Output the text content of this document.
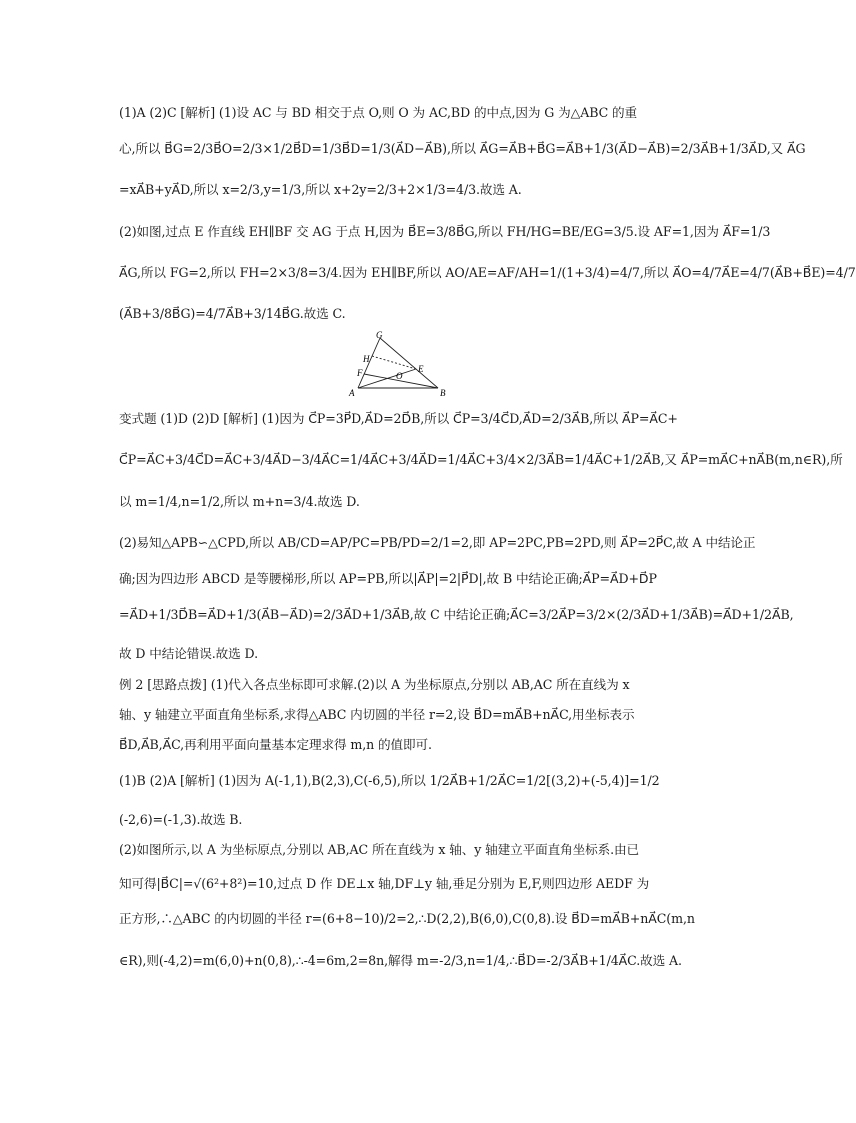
(1)A (2)C [解析] (1)设 AC 与 BD 相交于点 O,则 O 为 AC,BD 的中点,因为 G 为△ABC 的重
心,所以 B⃗G=2/3B⃗O=2/3×1/2B⃗D=1/3B⃗D=1/3(A⃗D−A⃗B),所以 A⃗G=A⃗B+B⃗G=A⃗B+1/3(A⃗D−A⃗B)=2/3A⃗B+1/3A⃗D,又 A⃗G
=xA⃗B+yA⃗D,所以 x=2/3,y=1/3,所以 x+2y=2/3+2×1/3=4/3.故选 A.
(2)如图,过点 E 作直线 EH∥BF 交 AG 于点 H,因为 B⃗E=3/8B⃗G,所以 FH/HG=BE/EG=3/5.设 AF=1,因为 A⃗F=1/3
A⃗G,所以 FG=2,所以 FH=2×3/8=3/4.因为 EH∥BF,所以 AO/AE=AF/AH=1/(1+3/4)=4/7,所以 A⃗O=4/7A⃗E=4/7(A⃗B+B⃗E)=4/7
(A⃗B+3/8B⃗G)=4/7A⃗B+3/14B⃗G.故选 C.
G
H
F	O
E
A	B
变式题 (1)D (2)D [解析] (1)因为 C⃗P=3P⃗D,A⃗D=2D⃗B,所以 C⃗P=3/4C⃗D,A⃗D=2/3A⃗B,所以 A⃗P=A⃗C+
C⃗P=A⃗C+3/4C⃗D=A⃗C+3/4A⃗D−3/4A⃗C=1/4A⃗C+3/4A⃗D=1/4A⃗C+3/4×2/3A⃗B=1/4A⃗C+1/2A⃗B,又 A⃗P=mA⃗C+nA⃗B(m,n∈R),所
以 m=1/4,n=1/2,所以 m+n=3/4.故选 D.
(2)易知△APB∽△CPD,所以 AB/CD=AP/PC=PB/PD=2/1=2,即 AP=2PC,PB=2PD,则 A⃗P=2P⃗C,故 A 中结论正
确;因为四边形 ABCD 是等腰梯形,所以 AP=PB,所以|A⃗P|=2|P⃗D|,故 B 中结论正确;A⃗P=A⃗D+D⃗P
=A⃗D+1/3D⃗B=A⃗D+1/3(A⃗B−A⃗D)=2/3A⃗D+1/3A⃗B,故 C 中结论正确;A⃗C=3/2A⃗P=3/2×(2/3A⃗D+1/3A⃗B)=A⃗D+1/2A⃗B,
故 D 中结论错误.故选 D.
例 2 [思路点拨] (1)代入各点坐标即可求解.(2)以 A 为坐标原点,分别以 AB,AC 所在直线为 x
轴、y 轴建立平面直角坐标系,求得△ABC 内切圆的半径 r=2,设 B⃗D=mA⃗B+nA⃗C,用坐标表示
B⃗D,A⃗B,A⃗C,再利用平面向量基本定理求得 m,n 的值即可.
(1)B (2)A [解析] (1)因为 A(-1,1),B(2,3),C(-6,5),所以 1/2A⃗B+1/2A⃗C=1/2[(3,2)+(-5,4)]=1/2
(-2,6)=(-1,3).故选 B.
(2)如图所示,以 A 为坐标原点,分别以 AB,AC 所在直线为 x 轴、y 轴建立平面直角坐标系.由已
知可得|B⃗C|=√(6²+8²)=10,过点 D 作 DE⊥x 轴,DF⊥y 轴,垂足分别为 E,F,则四边形 AEDF 为
正方形,∴△ABC 的内切圆的半径 r=(6+8−10)/2=2,∴D(2,2),B(6,0),C(0,8).设 B⃗D=mA⃗B+nA⃗C(m,n
∈R),则(-4,2)=m(6,0)+n(0,8),∴-4=6m,2=8n,解得 m=-2/3,n=1/4,∴B⃗D=-2/3A⃗B+1/4A⃗C.故选 A.
